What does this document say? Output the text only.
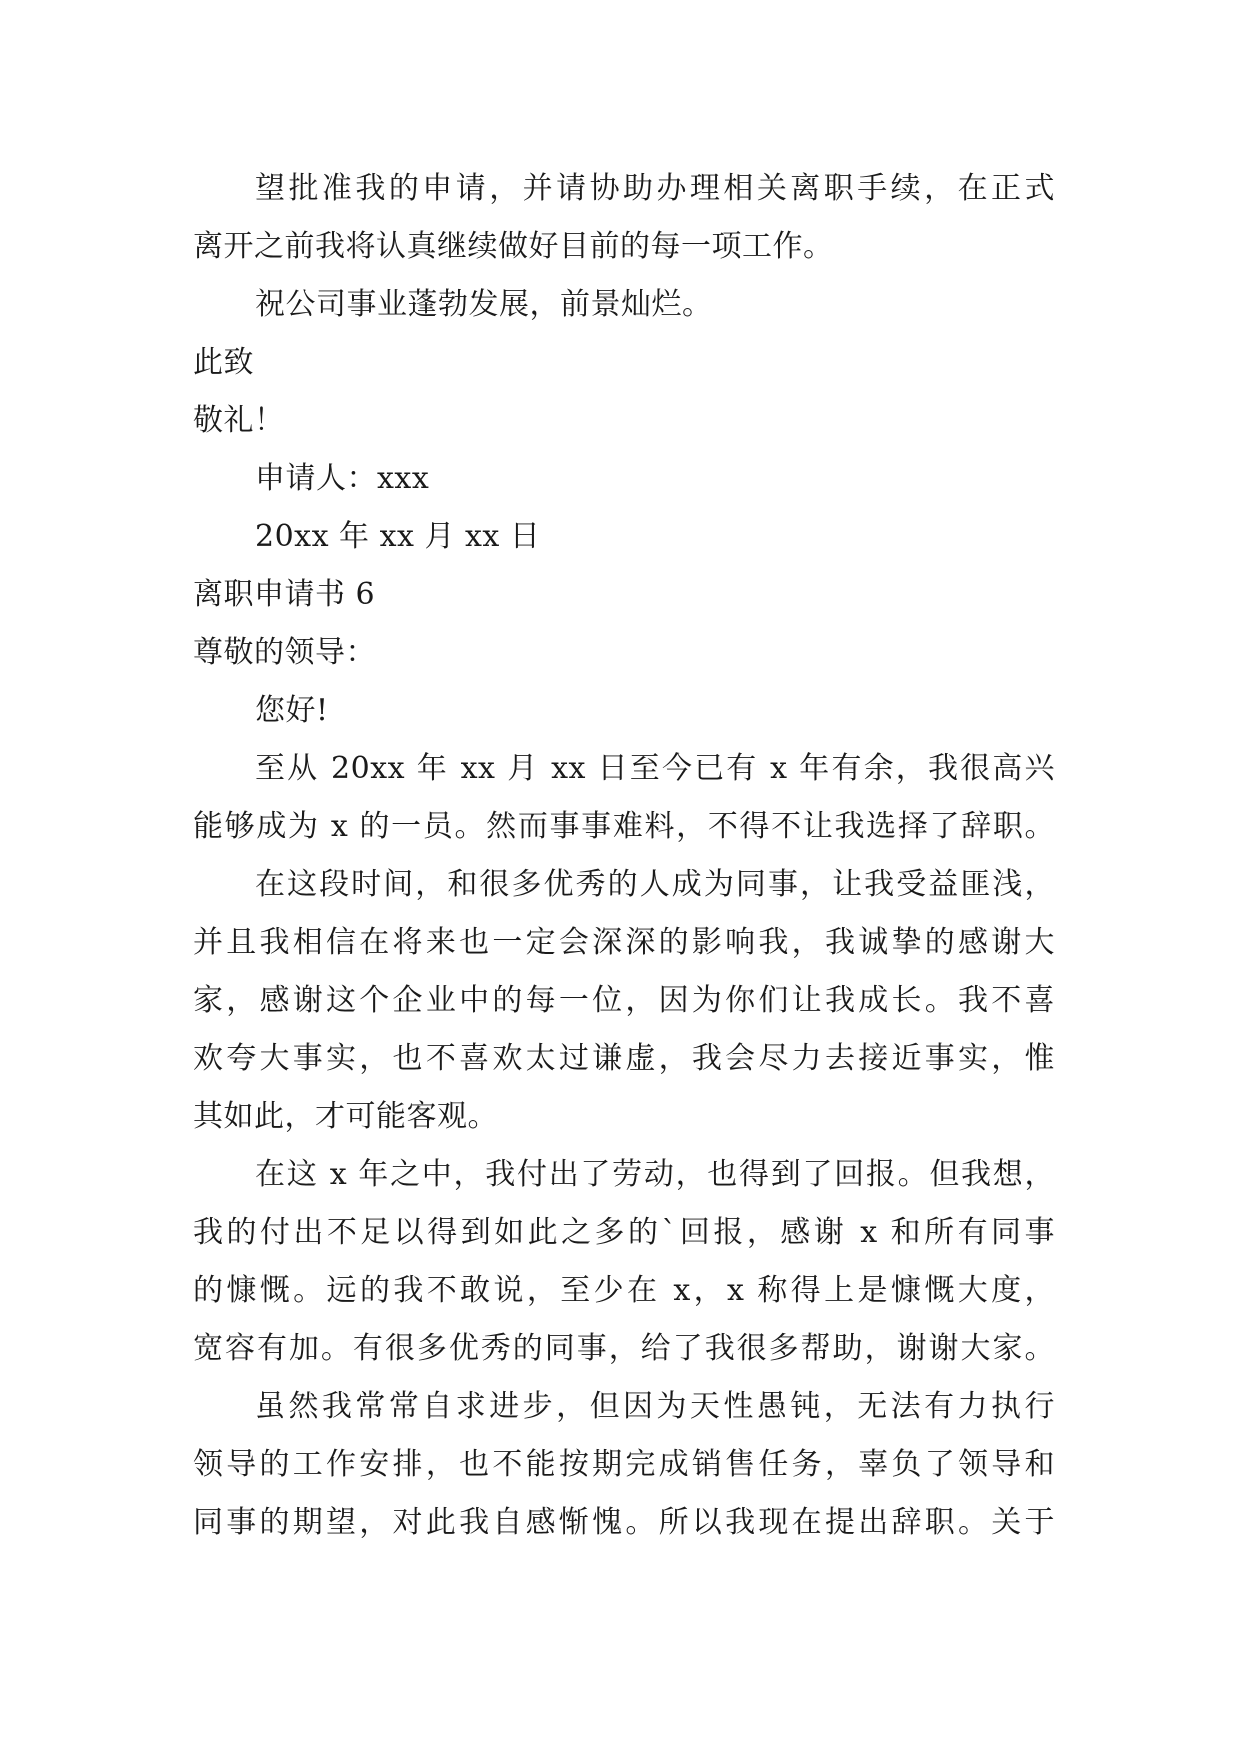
望批准我的申请，并请协助办理相关离职手续，在正式
离开之前我将认真继续做好目前的每一项工作。
祝公司事业蓬勃发展，前景灿烂。
此致
敬礼！
申请人：xxx
20xx 年 xx 月 xx 日
离职申请书 6
尊敬的领导：
您好!
至从 20xx 年 xx 月 xx 日至今已有 x 年有余，我很高兴
能够成为 x 的一员。然而事事难料，不得不让我选择了辞职。
在这段时间，和很多优秀的人成为同事，让我受益匪浅，
并且我相信在将来也一定会深深的影响我，我诚挚的感谢大
家，感谢这个企业中的每一位，因为你们让我成长。我不喜
欢夸大事实，也不喜欢太过谦虚，我会尽力去接近事实，惟
其如此，才可能客观。
在这 x 年之中，我付出了劳动，也得到了回报。但我想，
我的付出不足以得到如此之多的`回报，感谢 x 和所有同事
的慷慨。远的我不敢说，至少在 x，x 称得上是慷慨大度，
宽容有加。有很多优秀的同事，给了我很多帮助，谢谢大家。
虽然我常常自求进步，但因为天性愚钝，无法有力执行
领导的工作安排，也不能按期完成销售任务，辜负了领导和
同事的期望，对此我自感惭愧。所以我现在提出辞职。关于
